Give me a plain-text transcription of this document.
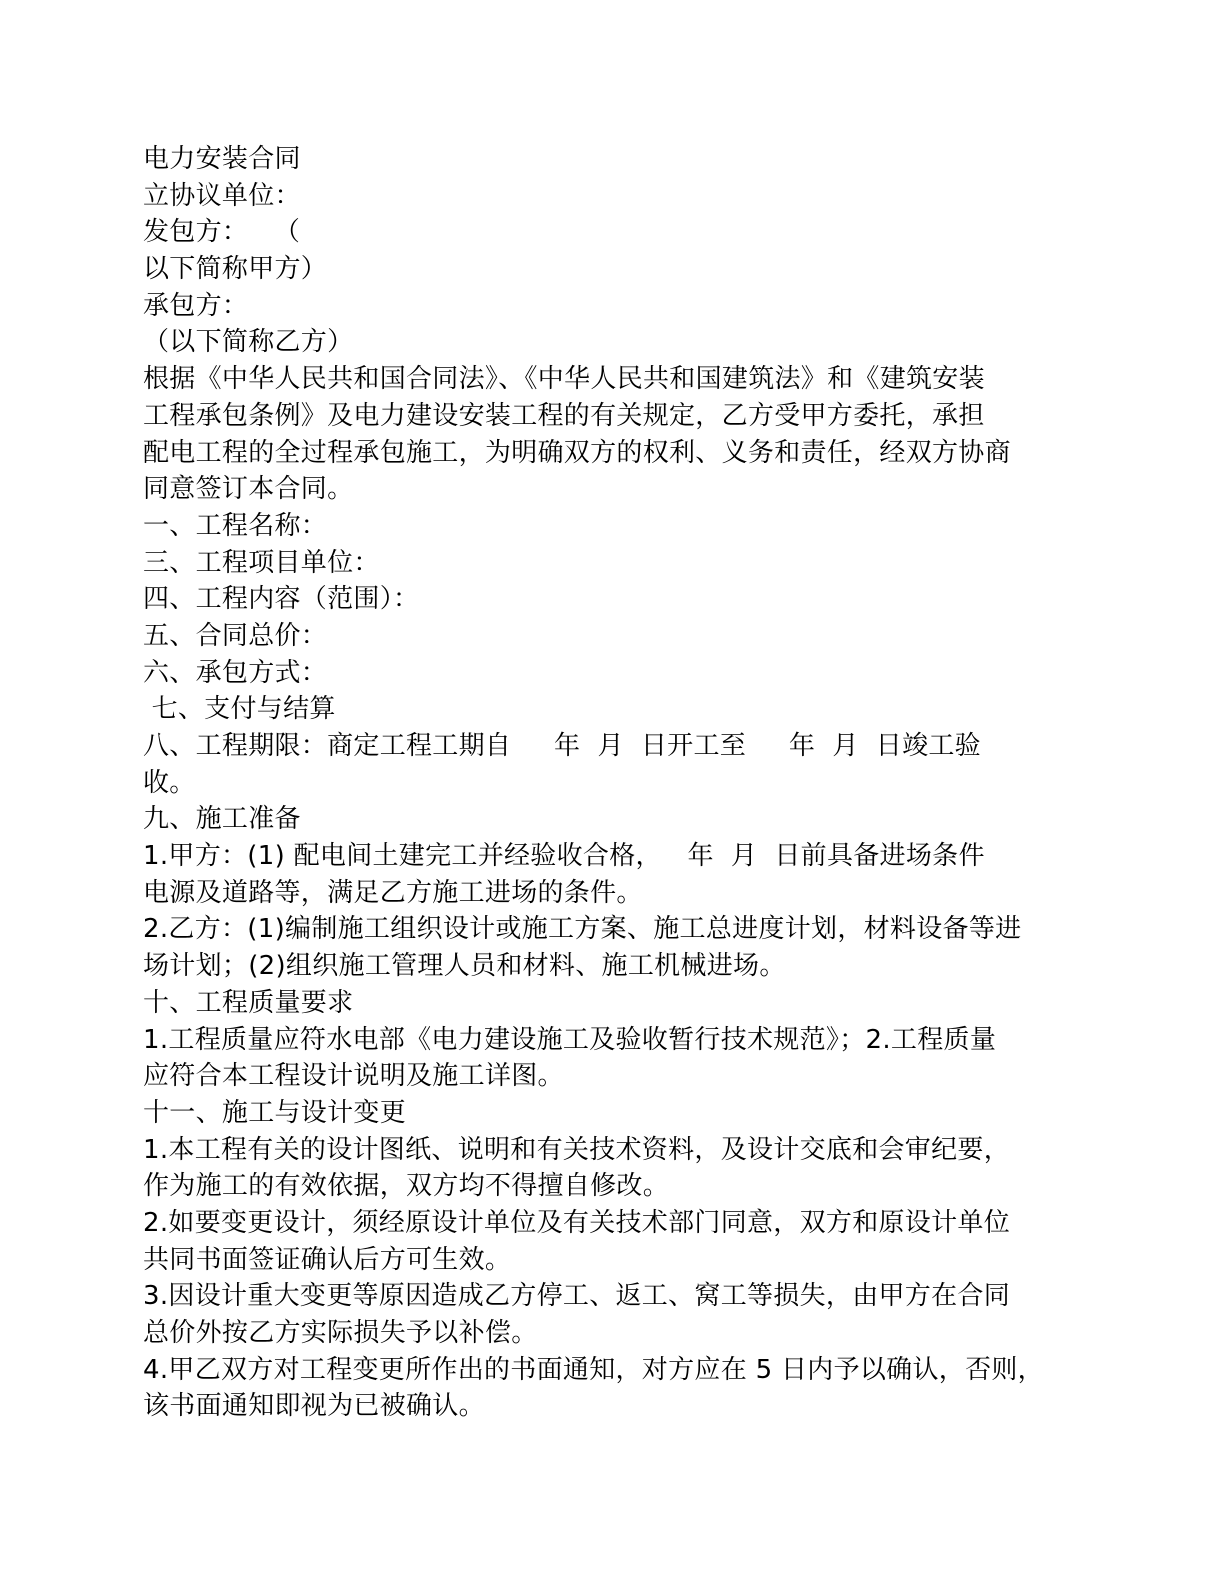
电力安装合同
立协议单位：
发包方：   （
以下简称甲方）
承包方：
（以下简称乙方）
根据《中华人民共和国合同法》、《中华人民共和国建筑法》和《建筑安装
工程承包条例》及电力建设安装工程的有关规定，乙方受甲方委托，承担
配电工程的全过程承包施工，为明确双方的权利、义务和责任，经双方协商
同意签订本合同。
一、工程名称：
三、工程项目单位：
四、工程内容（范围）：
五、合同总价：
六、承包方式：
七、支付与结算
八、工程期限：商定工程工期自     年  月  日开工至     年  月  日竣工验
收。
九、施工准备
1.甲方：(1) 配电间土建完工并经验收合格，   年  月  日前具备进场条件
电源及道路等，满足乙方施工进场的条件。
2.乙方：(1)编制施工组织设计或施工方案、施工总进度计划，材料设备等进
场计划；(2)组织施工管理人员和材料、施工机械进场。
十、工程质量要求
1.工程质量应符水电部《电力建设施工及验收暂行技术规范》；2.工程质量
应符合本工程设计说明及施工详图。
十一、施工与设计变更
1.本工程有关的设计图纸、说明和有关技术资料，及设计交底和会审纪要，
作为施工的有效依据，双方均不得擅自修改。
2.如要变更设计，须经原设计单位及有关技术部门同意，双方和原设计单位
共同书面签证确认后方可生效。
3.因设计重大变更等原因造成乙方停工、返工、窝工等损失，由甲方在合同
总价外按乙方实际损失予以补偿。
4.甲乙双方对工程变更所作出的书面通知，对方应在 5 日内予以确认，否则，
该书面通知即视为已被确认。
